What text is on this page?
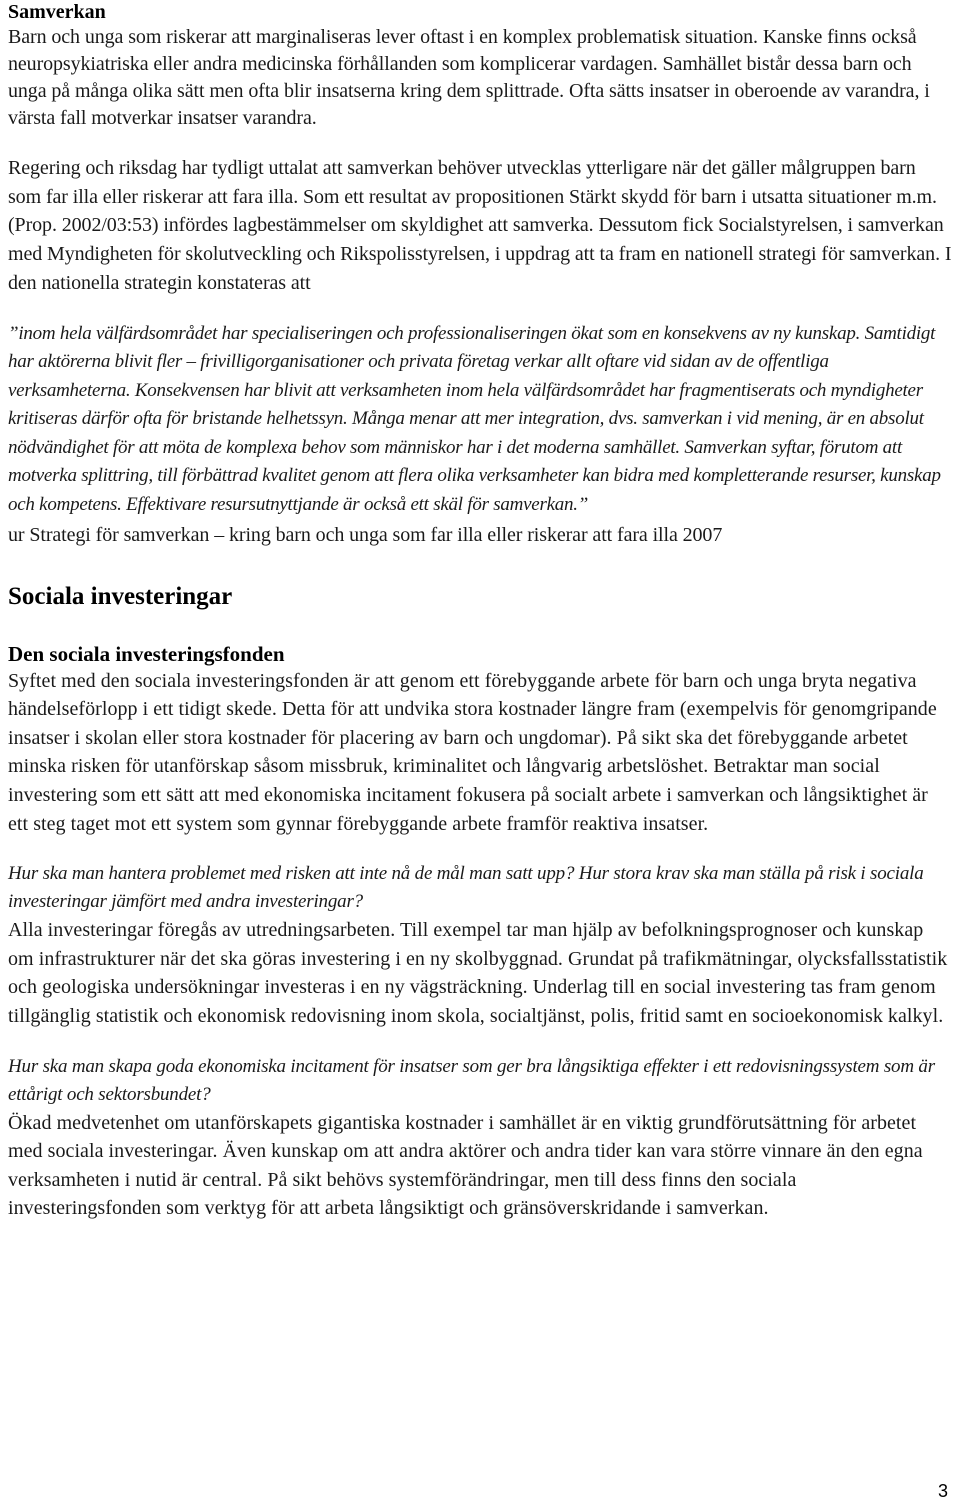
Samverkan

Barn och unga som riskerar att marginaliseras lever oftast i en komplex problematisk situation. Kanske finns också neuropsykiatriska eller andra medicinska förhållanden som komplicerar vardagen. Samhället bistår dessa barn och unga på många olika sätt men ofta blir insatserna kring dem splittrade. Ofta sätts insatser in oberoende av varandra, i värsta fall motverkar insatser varandra.

Regering och riksdag har tydligt uttalat att samverkan behöver utvecklas ytterligare när det gäller målgruppen barn som far illa eller riskerar att fara illa. Som ett resultat av propositionen Stärkt skydd för barn i utsatta situationer m.m. (Prop. 2002/03:53) infördes lagbestämmelser om skyldighet att samverka. Dessutom fick Socialstyrelsen, i samverkan med Myndigheten för skolutveckling och Rikspolisstyrelsen, i uppdrag att ta fram en nationell strategi för samverkan. I den nationella strategin konstateras att

”inom hela välfärdsområdet har specialiseringen och professionaliseringen ökat som en konsekvens av ny kunskap. Samtidigt har aktörerna blivit fler – frivilligorganisationer och privata företag verkar allt oftare vid sidan av de offentliga verksamheterna. Konsekvensen har blivit att verksamheten inom hela välfärdsområdet har fragmentiserats och myndigheter kritiseras därför ofta för bristande helhetssyn. Många menar att mer integration, dvs. samverkan i vid mening, är en absolut nödvändighet för att möta de komplexa behov som människor har i det moderna samhället. Samverkan syftar, förutom att motverka splittring, till förbättrad kvalitet genom att flera olika verksamheter kan bidra med kompletterande resurser, kunskap och kompetens. Effektivare resursutnyttjande är också ett skäl för samverkan.”

ur Strategi för samverkan – kring barn och unga som far illa eller riskerar att fara illa 2007

Sociala investeringar
Den sociala investeringsfonden

Syftet med den sociala investeringsfonden är att genom ett förebyggande arbete för barn och unga bryta negativa händelseförlopp i ett tidigt skede. Detta för att undvika stora kostnader längre fram (exempelvis för genomgripande insatser i skolan eller stora kostnader för placering av barn och ungdomar). På sikt ska det förebyggande arbetet minska risken för utanförskap såsom missbruk, kriminalitet och långvarig arbetslöshet. Betraktar man social investering som ett sätt att med ekonomiska incitament fokusera på socialt arbete i samverkan och långsiktighet är ett steg taget mot ett system som gynnar förebyggande arbete framför reaktiva insatser.

Hur ska man hantera problemet med risken att inte nå de mål man satt upp? Hur stora krav ska man ställa på risk i sociala investeringar jämfört med andra investeringar?

Alla investeringar föregås av utredningsarbeten. Till exempel tar man hjälp av befolkningsprognoser och kunskap om infrastrukturer när det ska göras investering i en ny skolbyggnad. Grundat på trafikmätningar, olycksfallsstatistik och geologiska undersökningar investeras i en ny vägsträckning. Underlag till en social investering tas fram genom tillgänglig statistik och ekonomisk redovisning inom skola, socialtjänst, polis, fritid samt en socioekonomisk kalkyl.

Hur ska man skapa goda ekonomiska incitament för insatser som ger bra långsiktiga effekter i ett redovisningssystem som är ettårigt och sektorsbundet?

Ökad medvetenhet om utanförskapets gigantiska kostnader i samhället är en viktig grundförutsättning för arbetet med sociala investeringar. Även kunskap om att andra aktörer och andra tider kan vara större vinnare än den egna verksamheten i nutid är central. På sikt behövs systemförändringar, men till dess finns den sociala investeringsfonden som verktyg för att arbeta långsiktigt och gränsöverskridande i samverkan.

3
